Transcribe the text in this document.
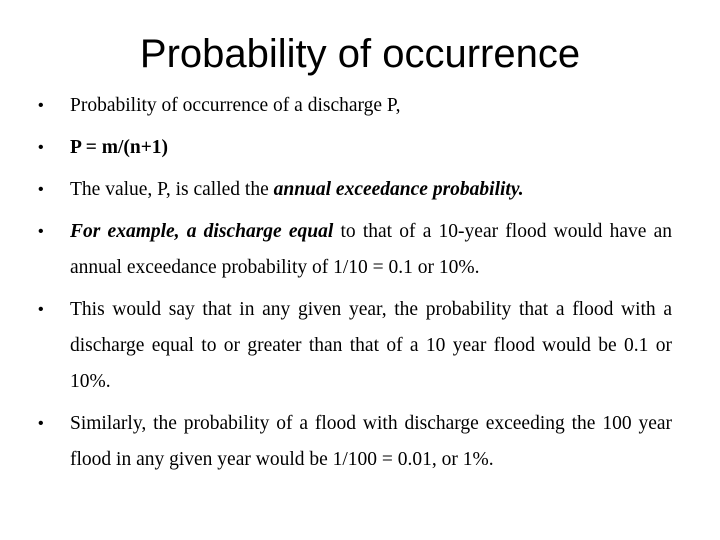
Probability of occurrence
• Probability of occurrence of a discharge P,
• P = m/(n+1)
• The value, P, is called the annual exceedance probability.
• For example, a discharge equal to that of a 10-year flood would have an annual exceedance probability of 1/10 = 0.1 or 10%.
• This would say that in any given year, the probability that a flood with a discharge equal to or greater than that of a 10 year flood would be 0.1 or 10%.
• Similarly, the probability of a flood with discharge exceeding the 100 year flood in any given year would be 1/100 = 0.01, or 1%.
